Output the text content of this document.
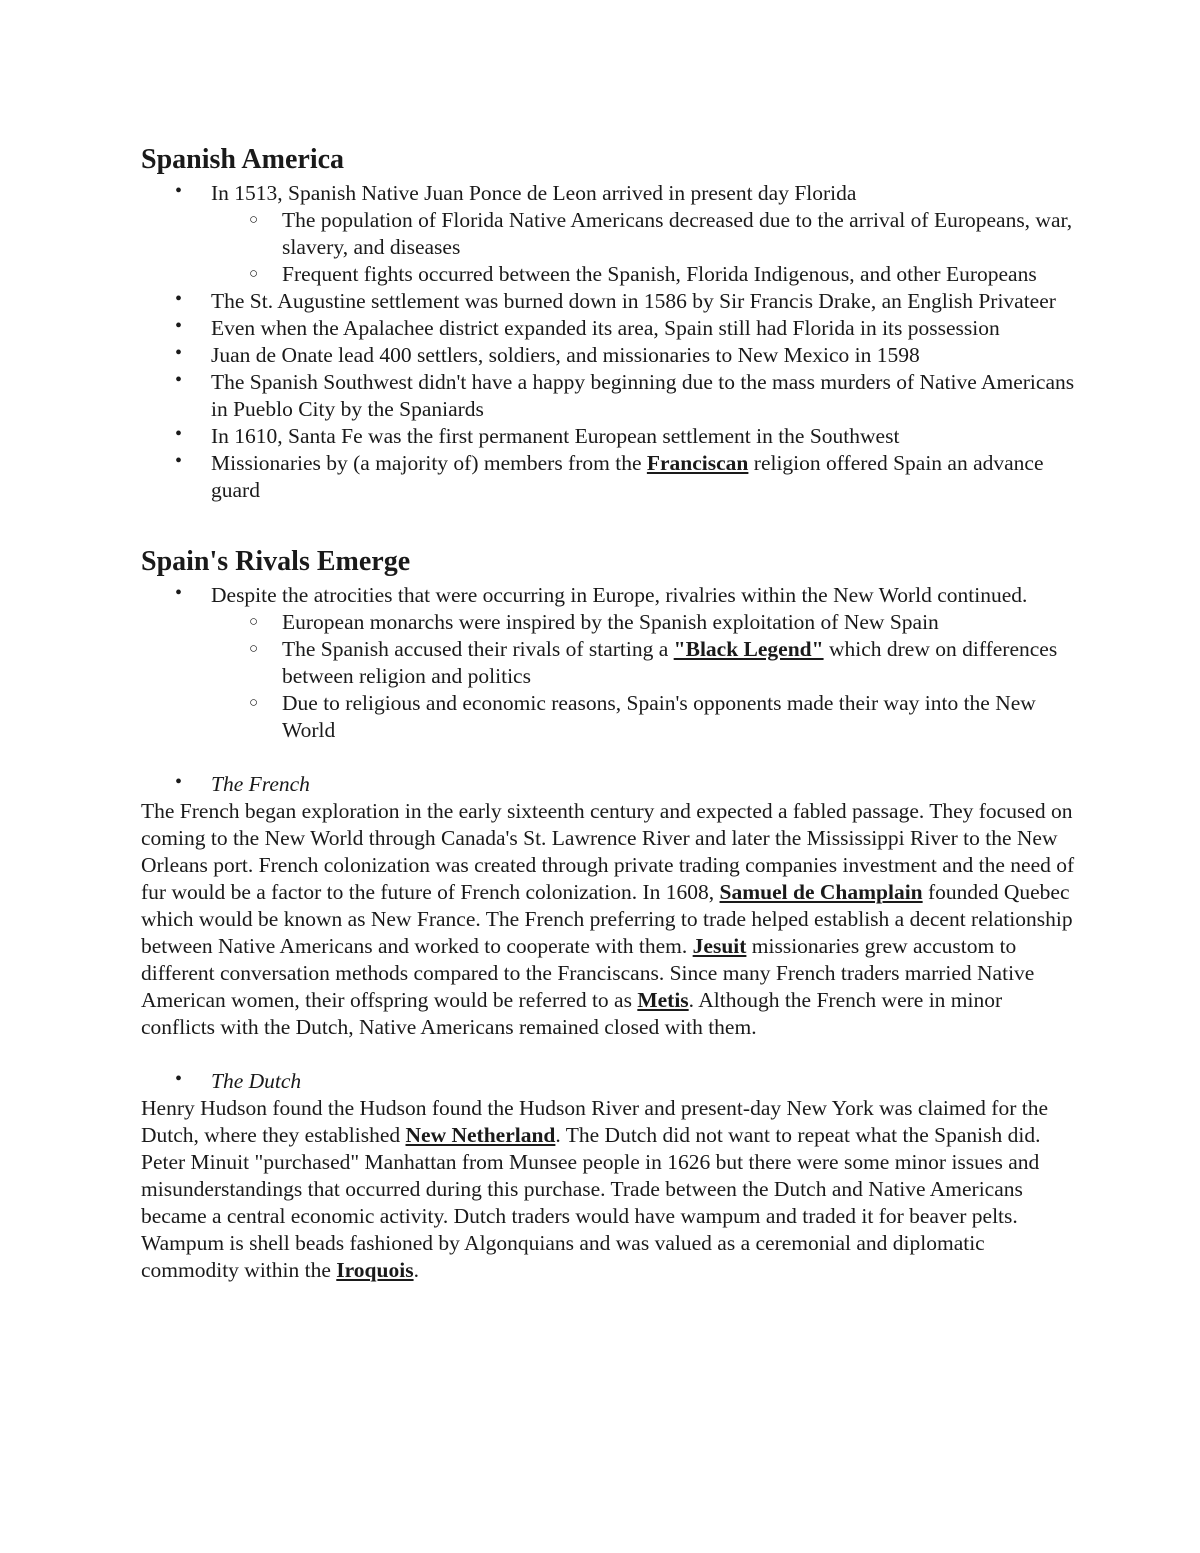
Spanish America
• In 1513, Spanish Native Juan Ponce de Leon arrived in present day Florida
○ The population of Florida Native Americans decreased due to the arrival of Europeans, war, slavery, and diseases
○ Frequent fights occurred between the Spanish, Florida Indigenous, and other Europeans
• The St. Augustine settlement was burned down in 1586 by Sir Francis Drake, an English Privateer
• Even when the Apalachee district expanded its area, Spain still had Florida in its possession
• Juan de Onate lead 400 settlers, soldiers, and missionaries to New Mexico in 1598
• The Spanish Southwest didn't have a happy beginning due to the mass murders of Native Americans in Pueblo City by the Spaniards
• In 1610, Santa Fe was the first permanent European settlement in the Southwest
• Missionaries by (a majority of) members from the Franciscan religion offered Spain an advance guard
Spain's Rivals Emerge
• Despite the atrocities that were occurring in Europe, rivalries within the New World continued.
○ European monarchs were inspired by the Spanish exploitation of New Spain
○ The Spanish accused their rivals of starting a "Black Legend" which drew on differences between religion and politics
○ Due to religious and economic reasons, Spain's opponents made their way into the New World
• The French

The French began exploration in the early sixteenth century and expected a fabled passage. They focused on coming to the New World through Canada's St. Lawrence River and later the Mississippi River to the New Orleans port. French colonization was created through private trading companies investment and the need of fur would be a factor to the future of French colonization. In 1608, Samuel de Champlain founded Quebec which would be known as New France. The French preferring to trade helped establish a decent relationship between Native Americans and worked to cooperate with them. Jesuit missionaries grew accustom to different conversation methods compared to the Franciscans. Since many French traders married Native American women, their offspring would be referred to as Metis. Although the French were in minor conflicts with the Dutch, Native Americans remained closed with them.

• The Dutch

Henry Hudson found the Hudson found the Hudson River and present-day New York was claimed for the Dutch, where they established New Netherland. The Dutch did not want to repeat what the Spanish did. Peter Minuit "purchased" Manhattan from Munsee people in 1626 but there were some minor issues and misunderstandings that occurred during this purchase. Trade between the Dutch and Native Americans became a central economic activity. Dutch traders would have wampum and traded it for beaver pelts. Wampum is shell beads fashioned by Algonquians and was valued as a ceremonial and diplomatic commodity within the Iroquois.
